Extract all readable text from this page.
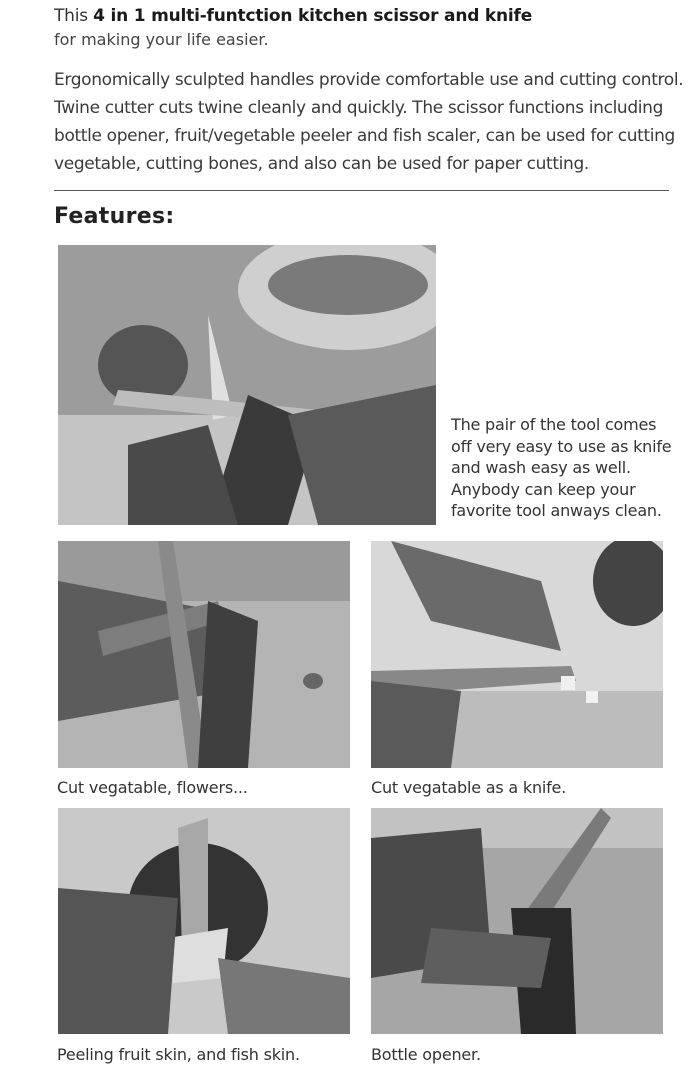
This 4 in 1 multi-funtction kitchen scissor and knife
for making your life easier.
Ergonomically sculpted handles provide comfortable use and cutting control.
Twine cutter cuts twine cleanly and quickly. The scissor functions including
bottle opener, fruit/vegetable peeler and fish scaler, can be used for cutting
vegetable, cutting bones, and also can be used for paper cutting.
Features:
The pair of the tool comes
off very easy to use as knife
and wash easy as well.
Anybody can keep your
favorite tool anways clean.
Cut vegatable, flowers...	Cut vegatable as a knife.
Peeling fruit skin, and fish skin.	Bottle opener.
